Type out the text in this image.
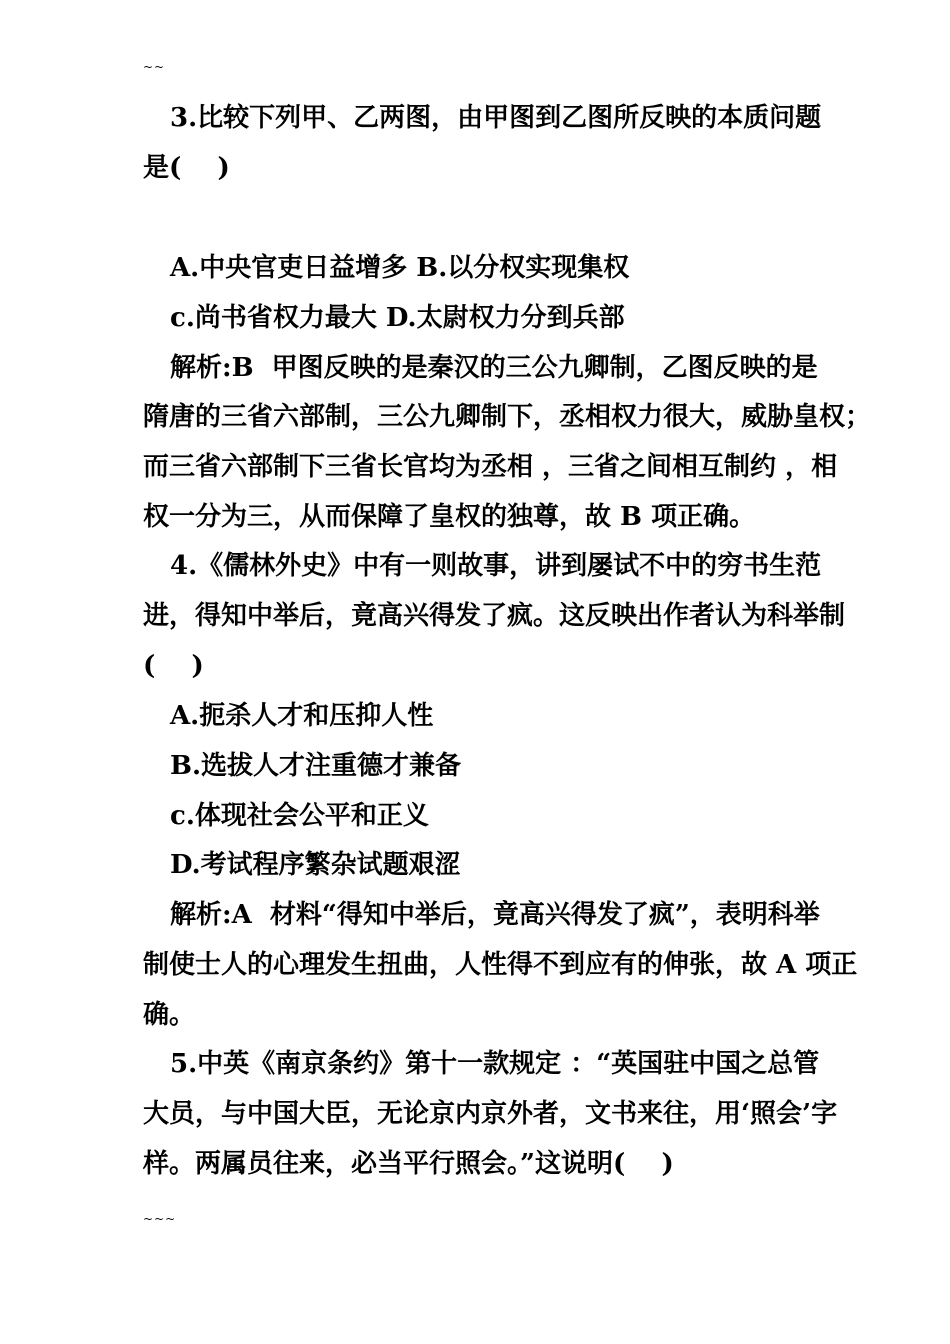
~~
3.比较下列甲、乙两图，由甲图到乙图所反映的本质问题
是(    )
A.中央官吏日益增多 B.以分权实现集权
c.尚书省权力最大 D.太尉权力分到兵部
解析:B  甲图反映的是秦汉的三公九卿制，乙图反映的是
隋唐的三省六部制，三公九卿制下，丞相权力很大，威胁皇权；
而三省六部制下三省长官均为丞相 ，三省之间相互制约 ，相
权一分为三，从而保障了皇权的独尊，故 B 项正确。
4.《儒林外史》中有一则故事，讲到屡试不中的穷书生范
进，得知中举后，竟高兴得发了疯。这反映出作者认为科举制
(    )
A.扼杀人才和压抑人性
B.选拔人才注重德才兼备
c.体现社会公平和正义
D.考试程序繁杂试题艰涩
解析:A  材料“得知中举后，竟高兴得发了疯”，表明科举
制使士人的心理发生扭曲，人性得不到应有的伸张，故 A 项正
确。
5.中英《南京条约》第十一款规定 ：“英国驻中国之总管
大员，与中国大臣，无论京内京外者，文书来往，用‘照会’字
样。两属员往来，必当平行照会。”这说明(    )
~~~
